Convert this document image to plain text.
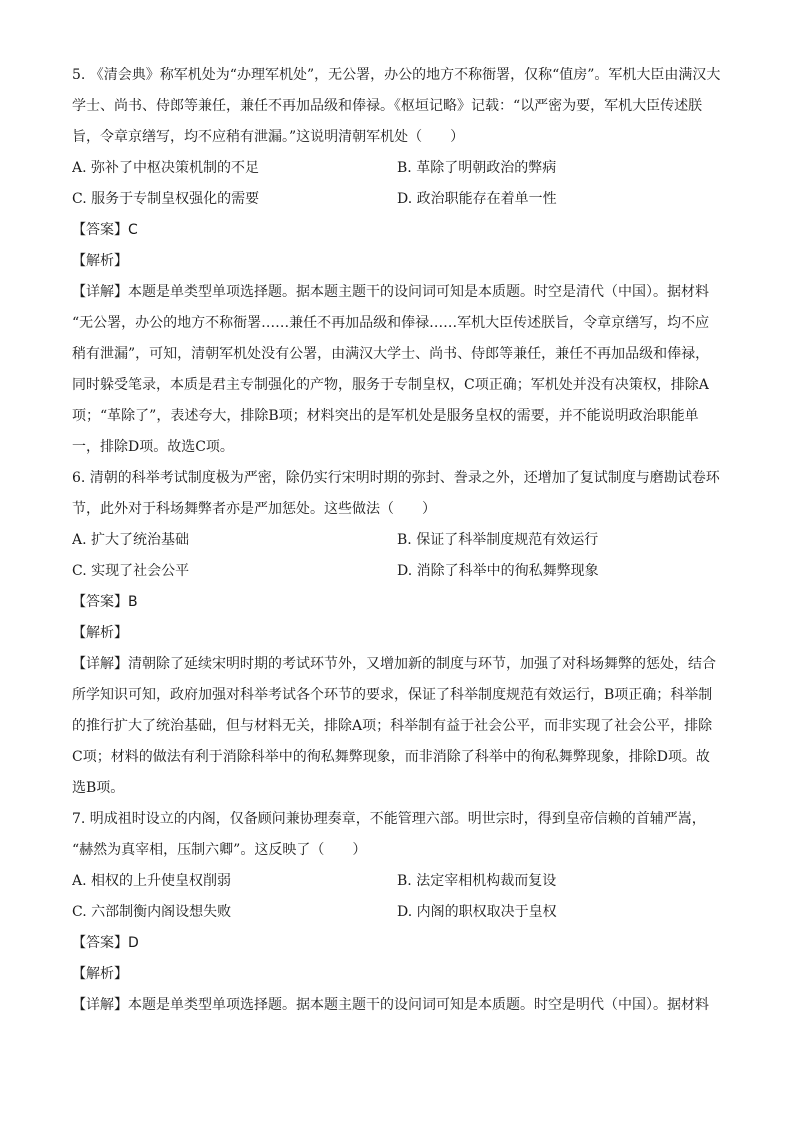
5. 《清会典》称军机处为“办理军机处”，无公署，办公的地方不称衙署，仅称“值房”。军机大臣由满汉大
学士、尚书、侍郎等兼任，兼任不再加品级和俸禄。《枢垣记略》记载：“以严密为要，军机大臣传述朕
旨，令章京缮写，均不应稍有泄漏。”这说明清朝军机处（　　）
A. 弥补了中枢决策机制的不足	B. 革除了明朝政治的弊病
C. 服务于专制皇权强化的需要	D. 政治职能存在着单一性
【答案】C
【解析】
【详解】本题是单类型单项选择题。据本题主题干的设问词可知是本质题。时空是清代（中国）。据材料
“无公署，办公的地方不称衙署……兼任不再加品级和俸禄……军机大臣传述朕旨，令章京缮写，均不应
稍有泄漏”，可知，清朝军机处没有公署，由满汉大学士、尚书、侍郎等兼任，兼任不再加品级和俸禄，
同时躲受笔录，本质是君主专制强化的产物，服务于专制皇权，C项正确；军机处并没有决策权，排除A
项；“革除了”，表述夸大，排除B项；材料突出的是军机处是服务皇权的需要，并不能说明政治职能单
一，排除D项。故选C项。
6. 清朝的科举考试制度极为严密，除仍实行宋明时期的弥封、誊录之外，还增加了复试制度与磨勘试卷环
节，此外对于科场舞弊者亦是严加惩处。这些做法（　　）
A. 扩大了统治基础	B. 保证了科举制度规范有效运行
C. 实现了社会公平	D. 消除了科举中的徇私舞弊现象
【答案】B
【解析】
【详解】清朝除了延续宋明时期的考试环节外，又增加新的制度与环节，加强了对科场舞弊的惩处，结合
所学知识可知，政府加强对科举考试各个环节的要求，保证了科举制度规范有效运行，B项正确；科举制
的推行扩大了统治基础，但与材料无关，排除A项；科举制有益于社会公平，而非实现了社会公平，排除
C项；材料的做法有利于消除科举中的徇私舞弊现象，而非消除了科举中的徇私舞弊现象，排除D项。故
选B项。
7. 明成祖时设立的内阁，仅备顾问兼协理奏章，不能管理六部。明世宗时，得到皇帝信赖的首辅严嵩，
“赫然为真宰相，压制六卿”。这反映了（　　）
A. 相权的上升使皇权削弱	B. 法定宰相机构裁而复设
C. 六部制衡内阁设想失败	D. 内阁的职权取决于皇权
【答案】D
【解析】
【详解】本题是单类型单项选择题。据本题主题干的设问词可知是本质题。时空是明代（中国）。据材料
